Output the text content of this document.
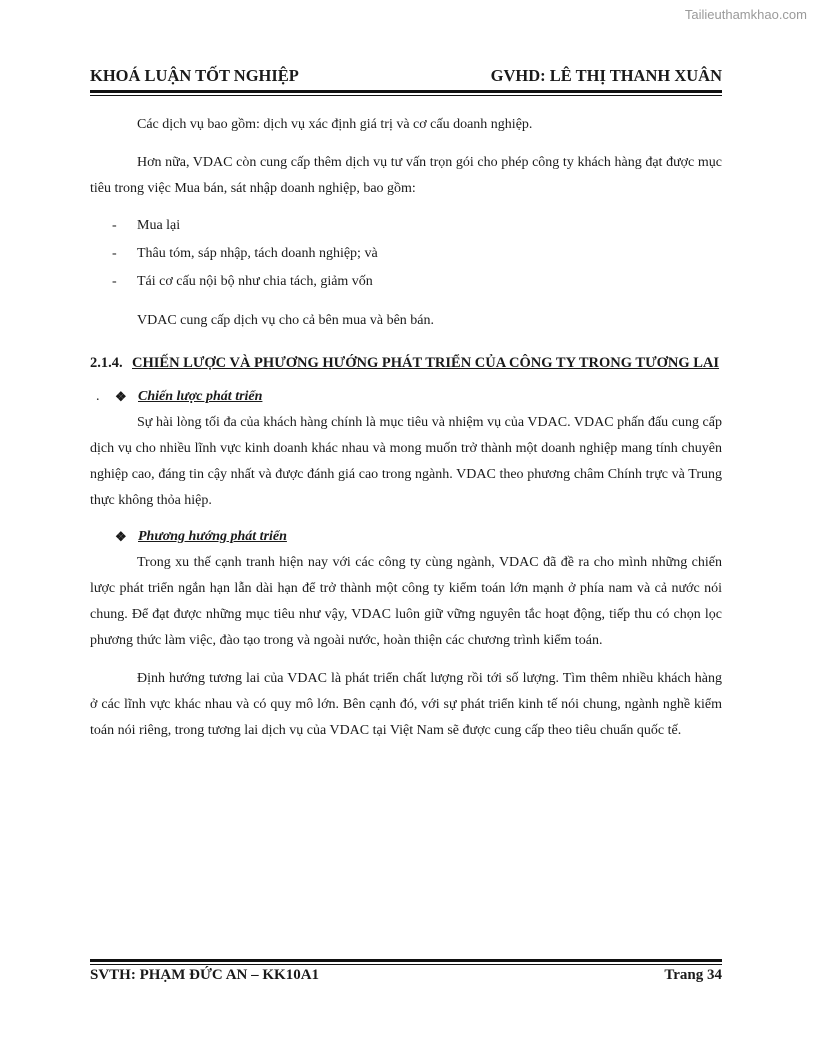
Tailieuthamkhao.com
KHOÁ LUẬN TỐT NGHIỆP	GVHD: LÊ THỊ THANH XUÂN

Các dịch vụ bao gồm: dịch vụ xác định giá trị và cơ cấu doanh nghiệp.

Hơn nữa, VDAC còn cung cấp thêm dịch vụ tư vấn trọn gói cho phép công ty khách hàng đạt được mục tiêu trong việc Mua bán, sát nhập doanh nghiệp, bao gồm:

- Mua lại
- Thâu tóm, sáp nhập, tách doanh nghiệp; và
- Tái cơ cấu nội bộ như chia tách, giảm vốn

VDAC cung cấp dịch vụ cho cả bên mua và bên bán.

2.1.4. CHIẾN LƯỢC VÀ PHƯƠNG HƯỚNG PHÁT TRIỂN CỦA CÔNG TY TRONG TƯƠNG LAI
. ❖ Chiến lược phát triển

Sự hài lòng tối đa của khách hàng chính là mục tiêu và nhiệm vụ của VDAC. VDAC phấn đấu cung cấp dịch vụ cho nhiều lĩnh vực kinh doanh khác nhau và mong muốn trở thành một doanh nghiệp mang tính chuyên nghiệp cao, đáng tin cậy nhất và được đánh giá cao trong ngành. VDAC theo phương châm Chính trực và Trung thực không thỏa hiệp.

❖ Phương hướng phát triển

Trong xu thế cạnh tranh hiện nay với các công ty cùng ngành, VDAC đã đề ra cho mình những chiến lược phát triển ngắn hạn lẫn dài hạn để trở thành một công ty kiểm toán lớn mạnh ở phía nam và cả nước nói chung. Để đạt được những mục tiêu như vậy, VDAC luôn giữ vững nguyên tắc hoạt động, tiếp thu có chọn lọc phương thức làm việc, đào tạo trong và ngoài nước, hoàn thiện các chương trình kiểm toán.

Định hướng tương lai của VDAC là phát triển chất lượng rồi tới số lượng. Tìm thêm nhiều khách hàng ở các lĩnh vực khác nhau và có quy mô lớn. Bên cạnh đó, với sự phát triển kinh tế nói chung, ngành nghề kiểm toán nói riêng, trong tương lai dịch vụ của VDAC tại Việt Nam sẽ được cung cấp theo tiêu chuẩn quốc tế.

SVTH: PHẠM ĐỨC AN – KK10A1	Trang 34
